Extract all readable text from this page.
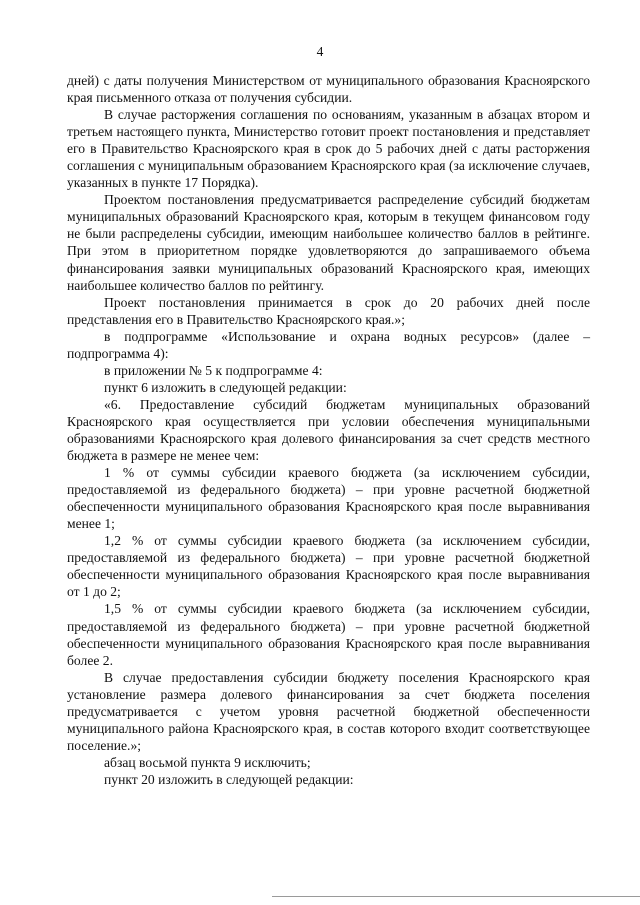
4

дней) с даты получения Министерством от муниципального образования Красноярского края письменного отказа от получения субсидии.

В случае расторжения соглашения по основаниям, указанным в абзацах втором и третьем настоящего пункта, Министерство готовит проект постановления и представляет его в Правительство Красноярского края в срок до 5 рабочих дней с даты расторжения соглашения с муниципальным образованием Красноярского края (за исключение случаев, указанных в пункте 17 Порядка).

Проектом постановления предусматривается распределение субсидий бюджетам муниципальных образований Красноярского края, которым в текущем финансовом году не были распределены субсидии, имеющим наибольшее количество баллов в рейтинге. При этом в приоритетном порядке удовлетворяются до запрашиваемого объема финансирования заявки муниципальных образований Красноярского края, имеющих наибольшее количество баллов по рейтингу.

Проект постановления принимается в срок до 20 рабочих дней после представления его в Правительство Красноярского края.»;

в подпрограмме «Использование и охрана водных ресурсов» (далее – подпрограмма 4):

в приложении № 5 к подпрограмме 4:

пункт 6 изложить в следующей редакции:

«6. Предоставление субсидий бюджетам муниципальных образований Красноярского края осуществляется при условии обеспечения муниципальными образованиями Красноярского края долевого финансирования за счет средств местного бюджета в размере не менее чем:

1 % от суммы субсидии краевого бюджета (за исключением субсидии, предоставляемой из федерального бюджета) – при уровне расчетной бюджетной обеспеченности муниципального образования Красноярского края после выравнивания менее 1;

1,2 % от суммы субсидии краевого бюджета (за исключением субсидии, предоставляемой из федерального бюджета) – при уровне расчетной бюджетной обеспеченности муниципального образования Красноярского края после выравнивания от 1 до 2;

1,5 % от суммы субсидии краевого бюджета (за исключением субсидии, предоставляемой из федерального бюджета) – при уровне расчетной бюджетной обеспеченности муниципального образования Красноярского края после выравнивания более 2.

В случае предоставления субсидии бюджету поселения Красноярского края установление размера долевого финансирования за счет бюджета поселения предусматривается с учетом уровня расчетной бюджетной обеспеченности муниципального района Красноярского края, в состав которого входит соответствующее поселение.»;

абзац восьмой пункта 9 исключить;

пункт 20 изложить в следующей редакции:
